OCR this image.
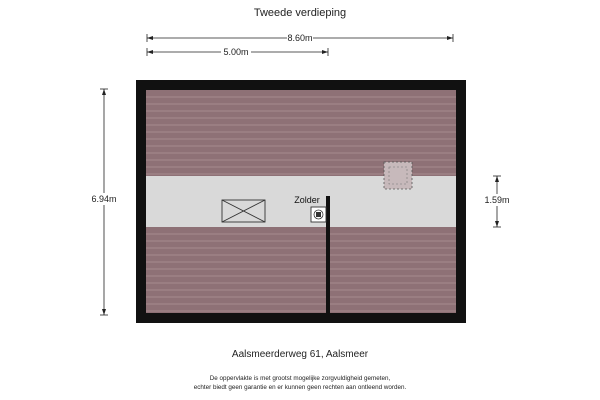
Tweede verdieping
8.60m
5.00m
6.94m	1.59m
Zolder
Aalsmeerderweg 61, Aalsmeer
De oppervlakte is met grootst mogelijke zorgvuldigheid gemeten,
echter biedt geen garantie en er kunnen geen rechten aan ontleend worden.
